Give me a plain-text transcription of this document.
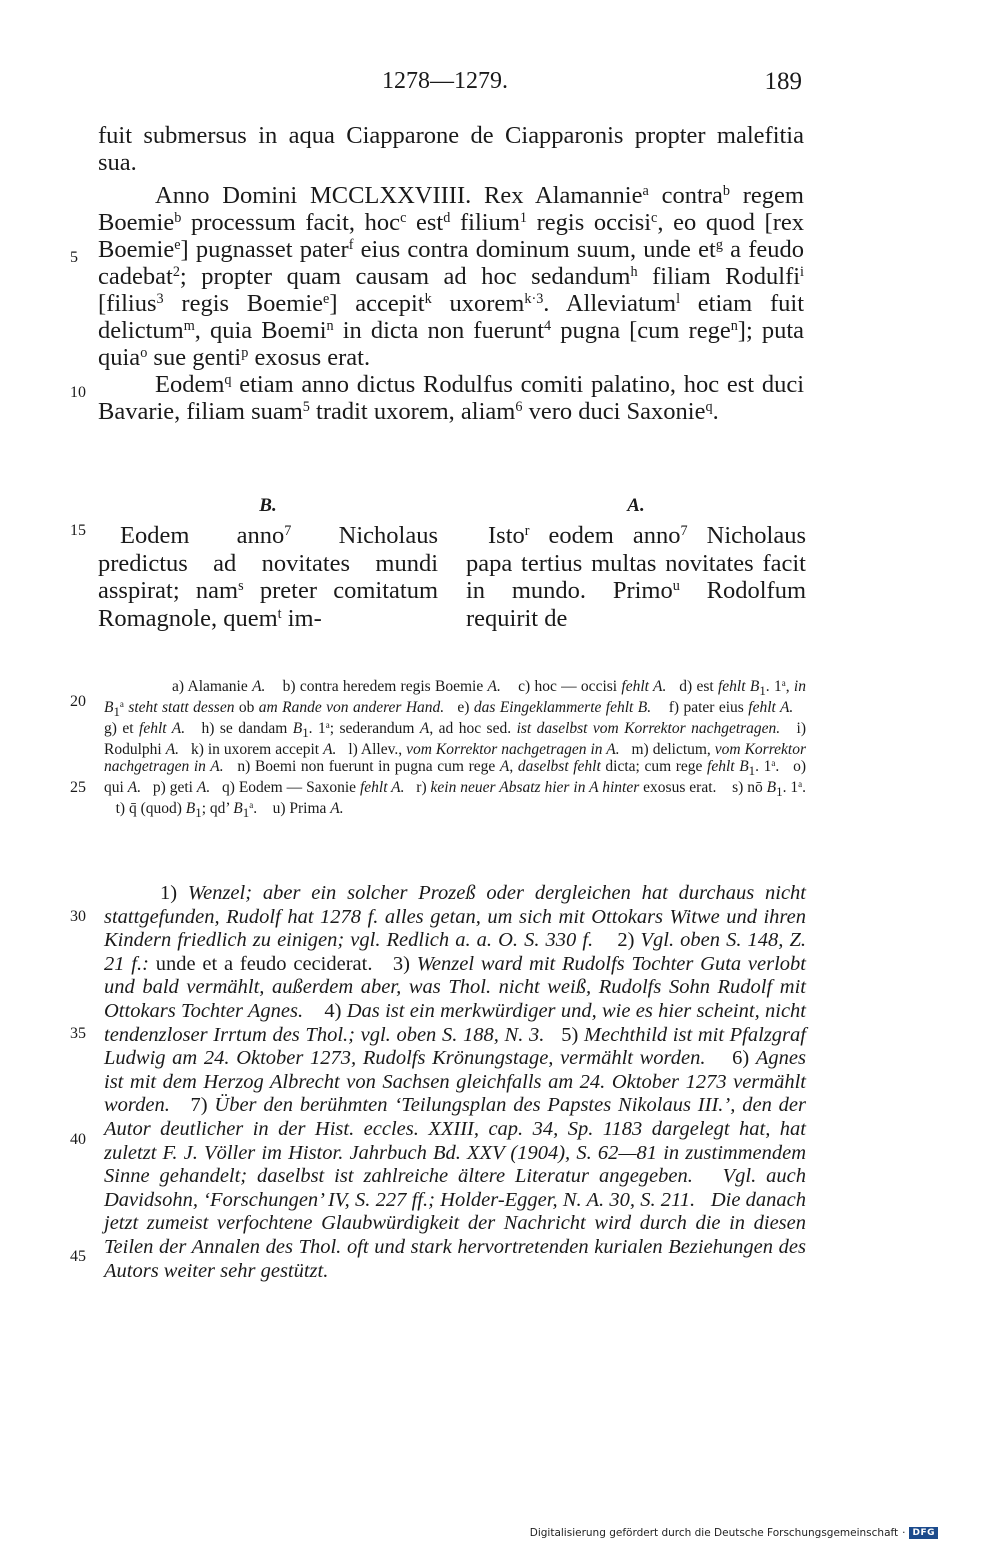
1278—1279.	189
5
10
15
20
25
30
35
40
45

fuit submersus in aqua Ciapparone de Ciapparonis propter malefitia sua.

Anno Domini MCCLXXVIIII. Rex Alamannie$^a$ contra$^b$ regem Boemie$^b$ processum facit, hoc$^c$ est$^d$ filium$^1$ regis occisi$^c$, eo quod [rex Boemie$^e$] pugnasset pater$^f$ eius contra dominum suum, unde $et^g$ a feudo cadebat$^2$; propter quam causam ad hoc sedandum$^h$ filiam Rodulfi$^i$ [filius$^3$ regis Boemie$^e$] accepit$^k$ uxorem$^{k\cdot 3}$. Alleviatum$^l$ etiam fuit delictum$^m$, quia Boemi$^n$ in dicta non fuerunt$^4$ pugna [cum rege$^n$]; puta quia$^o$ sue genti$^p$ exosus erat.

Eodem$^q$ etiam anno dictus Rodulfus comiti palatino, hoc est duci Bavarie, filiam suam$^5$ tradit uxorem, aliam$^6$ vero duci Saxonie$^q$.

B.
Eodem anno$^7$ Nicholaus predictus ad novitates mundi asspirat; nam$^s$ preter comitatum Romagnole, quem$^t$ im-
A.
Isto$^r$ eodem anno$^7$ Nicholaus papa tertius multas novitates facit in mundo. Primo$^u$ Rodolfum requirit de

a) Alamanie A.    b) contra heredem regis Boemie A.    c) hoc — occisi fehlt A.   d) est fehlt $B_1$. 1$^a$, in $B_1^a$ steht statt dessen ob am Rande von anderer Hand.   e) das Eingeklammerte fehlt B.    f) pater eius fehlt A.    g) et fehlt A.   h) se dandam $B_1$. 1$^a$; sederandum A, ad hoc sed. ist daselbst vom Korrektor nachgetragen.   i) Rodulphi A.   k) in uxorem accepit A.   l) Allev., vom Korrektor nachgetragen in A.   m) delictum, vom Korrektor nachgetragen in A.   n) Boemi non fuerunt in pugna cum rege A, daselbst fehlt dicta; cum rege fehlt $B_1$. 1$^a$.   o) qui A.   p) geti A.   q) Eodem — Saxonie fehlt A.   r) kein neuer Absatz hier in A hinter exosus erat.    s) nō $B_1$. 1$^a$.    t) q̄ (quod) $B_1$; qd’ $B_1^a$.    u) Prima A.

1) Wenzel; aber ein solcher Prozeß oder dergleichen hat durchaus nicht stattgefunden, Rudolf hat 1278 f. alles getan, um sich mit Ottokars Witwe und ihren Kindern friedlich zu einigen; vgl. Redlich a. a. O. S. 330 f.    2) Vgl. oben S. 148, Z. 21 f.: unde et a feudo ceciderat.   3) Wenzel ward mit Rudolfs Tochter Guta verlobt und bald vermählt, außerdem aber, was Thol. nicht weiß, Rudolfs Sohn Rudolf mit Ottokars Tochter Agnes.    4) Das ist ein merkwürdiger und, wie es hier scheint, nicht tendenzloser Irrtum des Thol.; vgl. oben S. 188, N. 3.   5) Mechthild ist mit Pfalzgraf Ludwig am 24. Oktober 1273, Rudolfs Krönungstage, vermählt worden.    6) Agnes ist mit dem Herzog Albrecht von Sachsen gleichfalls am 24. Oktober 1273 vermählt worden.   7) Über den berühmten ‘Teilungsplan des Papstes Nikolaus III.’, den der Autor deutlicher in der Hist. eccles. XXIII, cap. 34, Sp. 1183 dargelegt hat, hat zuletzt F. J. Völler im Histor. Jahrbuch Bd. XXV (1904), S. 62—81 in zustimmendem Sinne gehandelt; daselbst ist zahlreiche ältere Literatur angegeben.   Vgl. auch Davidsohn, ‘Forschungen’ IV, S. 227 ff.; Holder-Egger, N. A. 30, S. 211.   Die danach jetzt zumeist verfochtene Glaubwürdigkeit der Nachricht wird durch die in diesen Teilen der Annalen des Thol. oft und stark hervortretenden kurialen Beziehungen des Autors weiter sehr gestützt.

Digitalisierung gefördert durch die Deutsche Forschungsgemeinschaft · DFG
